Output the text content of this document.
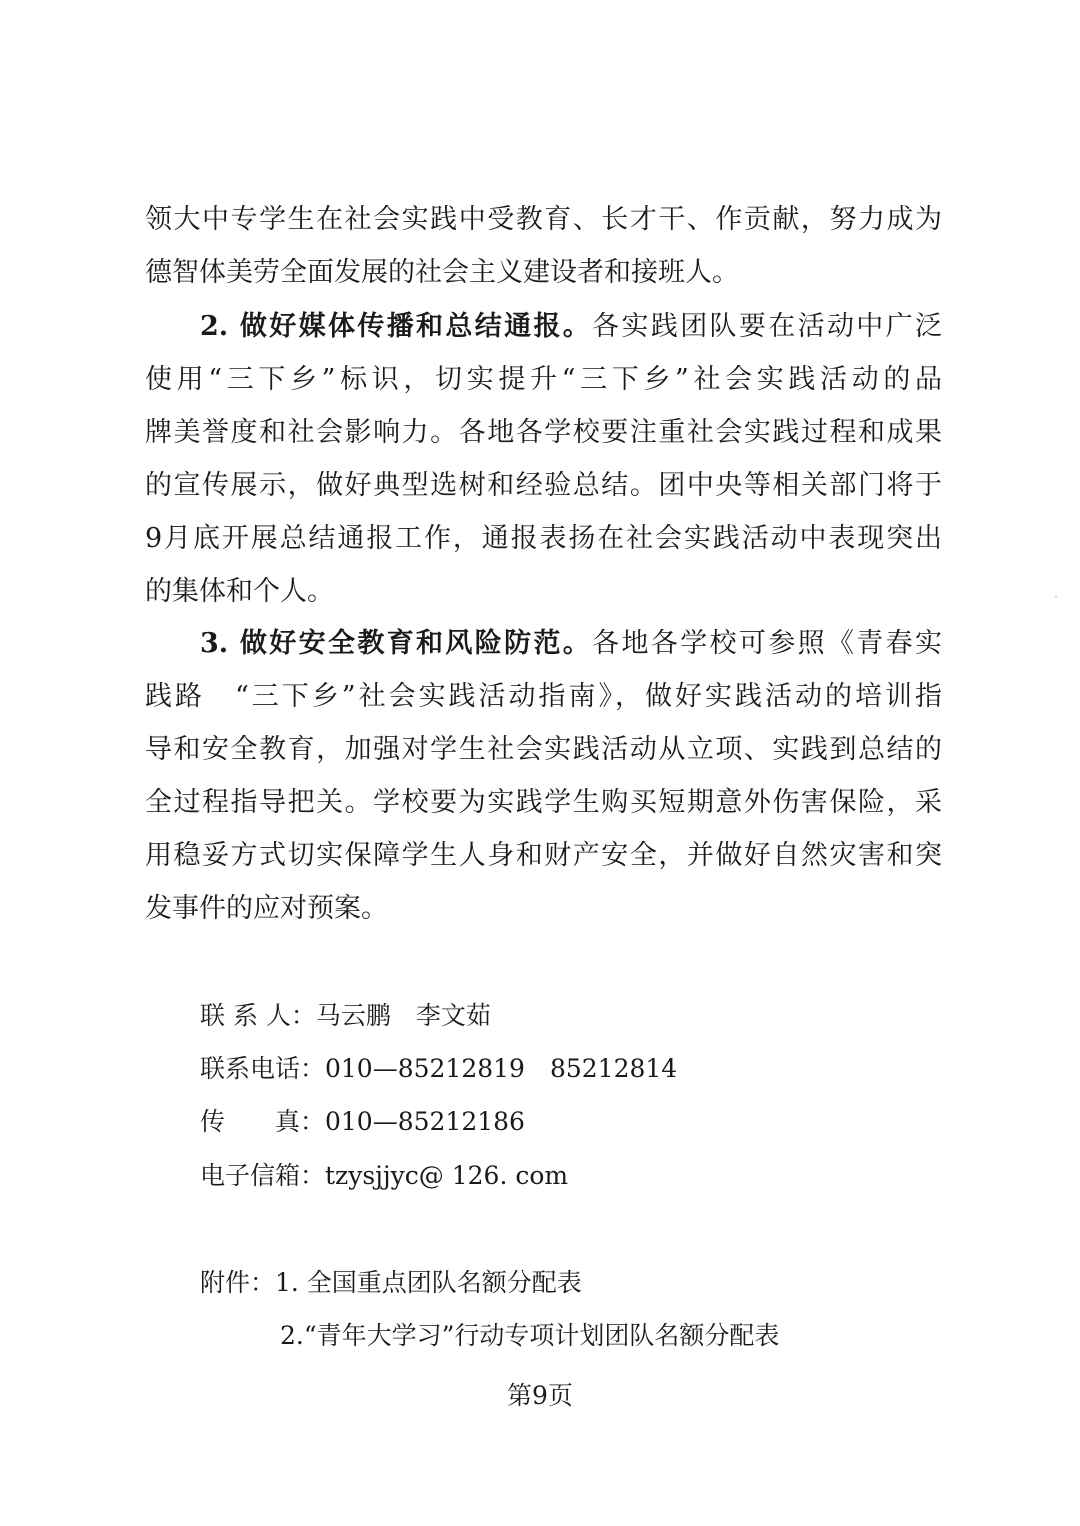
领大中专学生在社会实践中受教育、长才干、作贡献，努力成为
德智体美劳全面发展的社会主义建设者和接班人。
2. 做好媒体传播和总结通报。各实践团队要在活动中广泛
使用“三下乡”标识，切实提升“三下乡”社会实践活动的品
牌美誉度和社会影响力。各地各学校要注重社会实践过程和成果
的宣传展示，做好典型选树和经验总结。团中央等相关部门将于
9月底开展总结通报工作，通报表扬在社会实践活动中表现突出
的集体和个人。
3. 做好安全教育和风险防范。各地各学校可参照《青春实
践路　“三下乡”社会实践活动指南》，做好实践活动的培训指
导和安全教育，加强对学生社会实践活动从立项、实践到总结的
全过程指导把关。学校要为实践学生购买短期意外伤害保险，采
用稳妥方式切实保障学生人身和财产安全，并做好自然灾害和突
发事件的应对预案。
联 系 人：马云鹏　李文茹
联系电话：010—85212819　85212814
传　　真：010—85212186
电子信箱：tzysjjyc@ 126. com
附件：1. 全国重点团队名额分配表
2.“青年大学习”行动专项计划团队名额分配表
第9页
